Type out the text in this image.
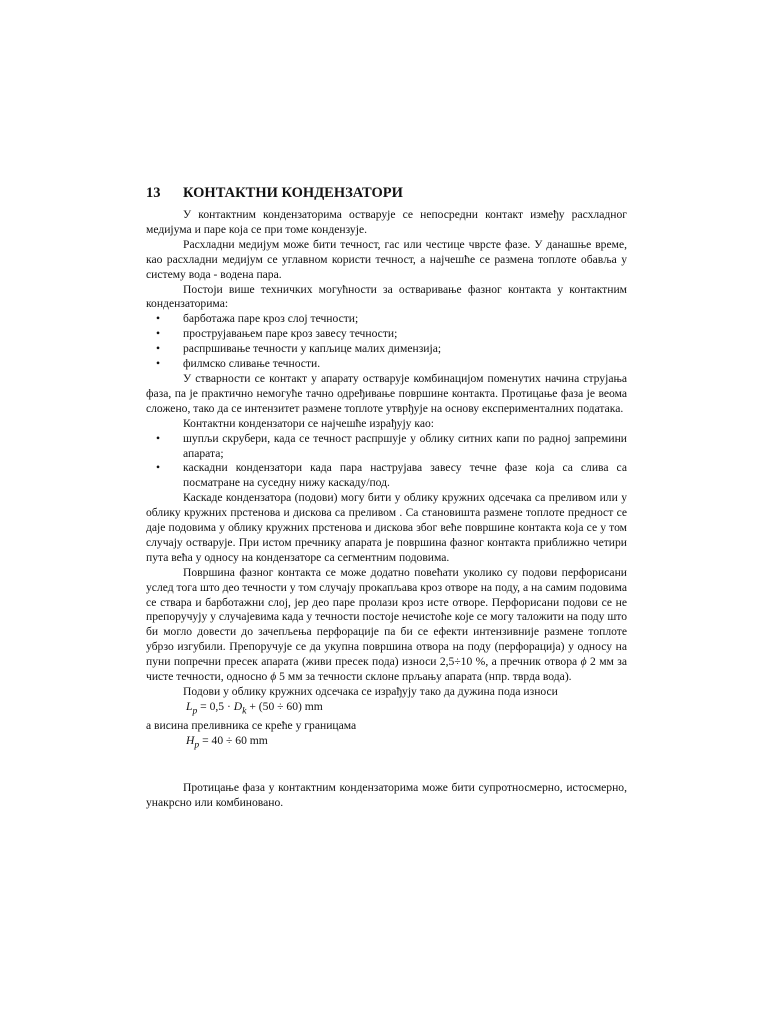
13	КОНТАКТНИ КОНДЕНЗАТОРИ

У контактним кондензаторима остварује се непосредни контакт између расхладног медијума и паре која се при томе кондензује.

Расхладни медијум може бити течност, гас или честице чврсте фазе. У данашње време, као расхладни медијум се углавном користи течност, а најчешће се размена топлоте обавља у систему вода - водена пара.

Постоји више техничких могућности за остваривање фазног контакта у контактним кондензаторима:

• барботажа паре кроз слој течности;
• прострујавањем паре кроз завесу течности;
• распршивање течности у капљице малих димензија;
• филмско сливање течности.

У стварности се контакт у апарату остварује комбинацијом поменутих начина струјања фаза, па је практично немогуће тачно одређивање површине контакта. Протицање фаза је веома сложено, тако да се интензитет размене топлоте утврђује на основу експерименталних података.

Контактни кондензатори се најчешће израђују као:

• шупљи скрубери, када се течност распршује у облику ситних капи по радној запремини апарата;
• каскадни кондензатори када пара наструјава завесу течне фазе која са слива са посматране на суседну нижу каскаду/под.

Каскаде кондензатора (подови) могу бити у облику кружних одсечака са преливом или у облику кружних прстенова и дискова са преливом . Са становишта размене топлоте предност се даје подовима у облику кружних прстенова и дискова због веће површине контакта која се у том случају остварује. При истом пречнику апарата је површина фазног контакта приближно четири пута већа у односу на кондензаторе са сегментним подовима.

Површина фазног контакта се може додатно повећати уколико су подови перфорисани услед тога што део течности у том случају прокапљава кроз отворе на поду, а на самим подовима се ствара и барботажни слој, јер део паре пролази кроз исте отворе. Перфорисани подови се не препоручују у случајевима када у течности постоје нечистоће које се могу таложити на поду што би могло довести до зачепљења перфорације па би се ефекти интензивније размене топлоте убрзо изгубили. Препоручује се да укупна површина отвора на поду (перфорација) у односу на пуни попречни пресек апарата (живи пресек пода) износи 2,5÷10 %, а пречник отвора ϕ 2 мм за чисте течности, односно ϕ 5 мм за течности склоне прљању апарата (нпр. тврда вода).

Подови у облику кружних одсечака се израђују тако да дужина пода износи

$L_p = 0,5 \cdot D_k + (50 \div 60)$ mm

а висина преливника се креће у границама

$H_p = 40 \div 60$ mm

Протицање фаза у контактним кондензаторима може бити супротносмерно, истосмерно, унакрсно или комбиновано.
